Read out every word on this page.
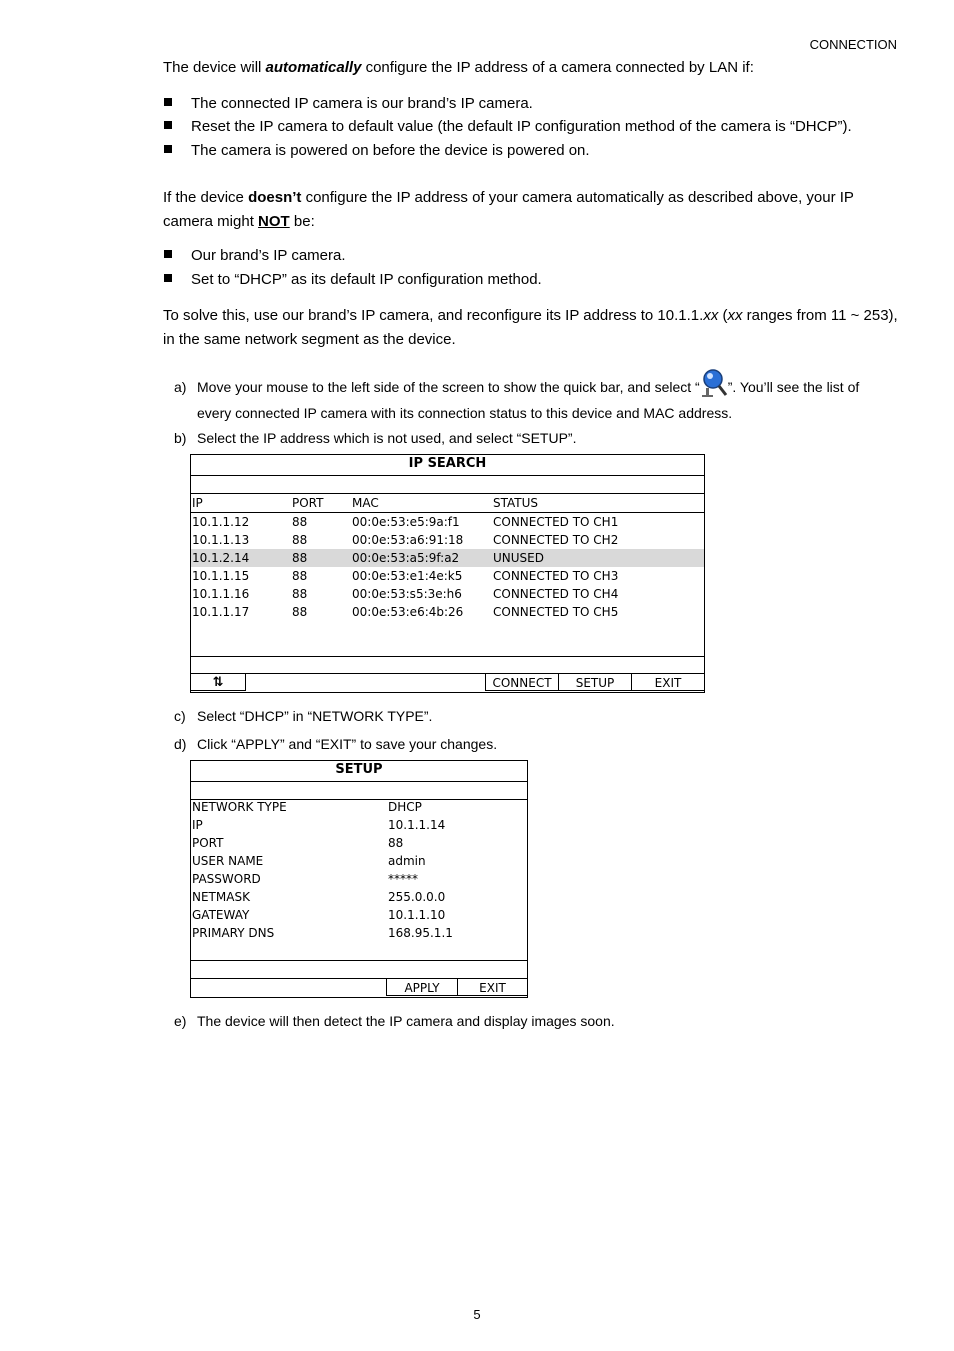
CONNECTION
The device will automatically configure the IP address of a camera connected by LAN if:
The connected IP camera is our brand’s IP camera.
Reset the IP camera to default value (the default IP configuration method of the camera is “DHCP”).
The camera is powered on before the device is powered on.
If the device doesn’t configure the IP address of your camera automatically as described above, your IP camera might NOT be:
Our brand’s IP camera.
Set to “DHCP” as its default IP configuration method.
To solve this, use our brand’s IP camera, and reconfigure its IP address to 10.1.1.xx (xx ranges from 11 ~ 253), in the same network segment as the device.
a) Move your mouse to the left side of the screen to show the quick bar, and select “ ”. You’ll see the list of
every connected IP camera with its connection status to this device and MAC address.
b) Select the IP address which is not used, and select “SETUP”.
IP SEARCH
IP	PORT MAC	STATUS
10.1.1.12	88	00:0e:53:e5:9a:f1	CONNECTED TO CH1
10.1.1.13	88	00:0e:53:a6:91:18 CONNECTED TO CH2
10.1.2.14	88	00:0e:53:a5:9f:a2	UNUSED
10.1.1.15	88	00:0e:53:e1:4e:k5	CONNECTED TO CH3
10.1.1.16	88	00:0e:53:s5:3e:h6	CONNECTED TO CH4
10.1.1.17	88	00:0e:53:e6:4b:26 CONNECTED TO CH5
⇅	CONNECT	SETUP	EXIT
c) Select “DHCP” in “NETWORK TYPE”.
d) Click “APPLY” and “EXIT” to save your changes.
SETUP
NETWORK TYPE	DHCP
IP	10.1.1.14
PORT	88
USER NAME	admin
PASSWORD	*****
NETMASK	255.0.0.0
GATEWAY	10.1.1.10
PRIMARY DNS	168.95.1.1
APPLY	EXIT
e) The device will then detect the IP camera and display images soon.
5
